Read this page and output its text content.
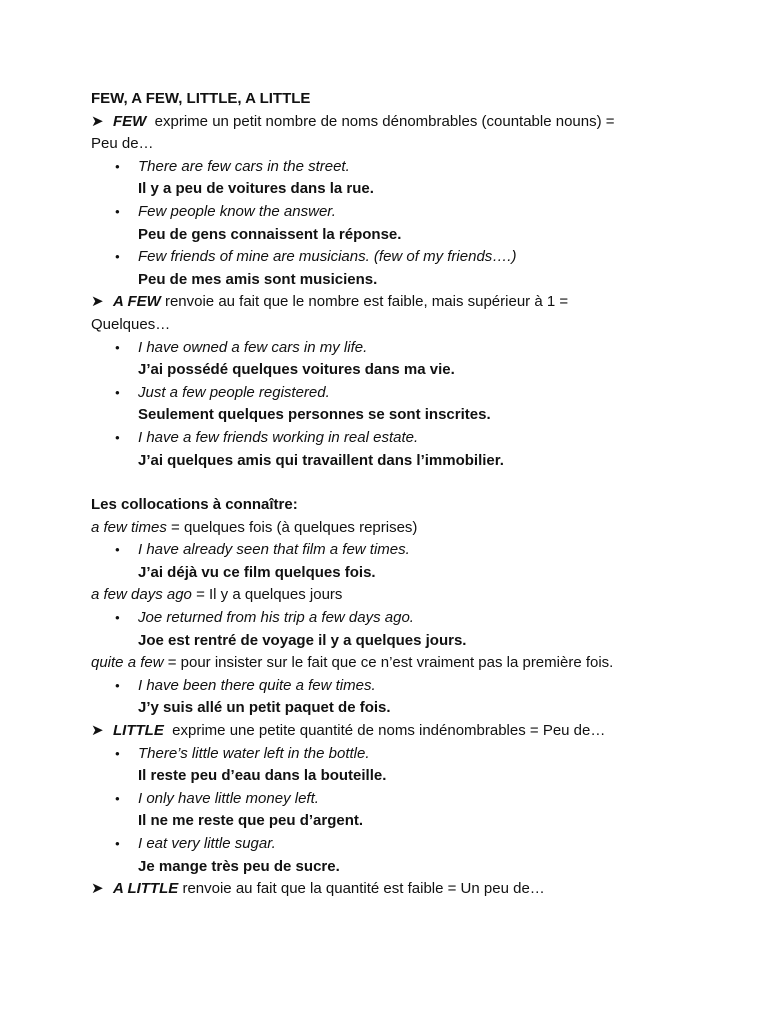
FEW, A FEW, LITTLE, A LITTLE
➤ FEW exprime un petit nombre de noms dénombrables (countable nouns) =
Peu de…
• There are few cars in the street.
Il y a peu de voitures dans la rue.
• Few people know the answer.
Peu de gens connaissent la réponse.
• Few friends of mine are musicians. (few of my friends….)
Peu de mes amis sont musiciens.
➤ A FEW renvoie au fait que le nombre est faible, mais supérieur à 1 =
Quelques…
• I have owned a few cars in my life.
J’ai possédé quelques voitures dans ma vie.
• Just a few people registered.
Seulement quelques personnes se sont inscrites.
• I have a few friends working in real estate.
J’ai quelques amis qui travaillent dans l’immobilier.
Les collocations à connaître:
a few times = quelques fois (à quelques reprises)
• I have already seen that film a few times.
J’ai déjà vu ce film quelques fois.
a few days ago = Il y a quelques jours
• Joe returned from his trip a few days ago.
Joe est rentré de voyage il y a quelques jours.
quite a few = pour insister sur le fait que ce n’est vraiment pas la première fois.
• I have been there quite a few times.
J’y suis allé un petit paquet de fois.
➤ LITTLE exprime une petite quantité de noms indénombrables = Peu de…
• There’s little water left in the bottle.
Il reste peu d’eau dans la bouteille.
• I only have little money left.
Il ne me reste que peu d’argent.
• I eat very little sugar.
Je mange très peu de sucre.
➤ A LITTLE renvoie au fait que la quantité est faible = Un peu de…
